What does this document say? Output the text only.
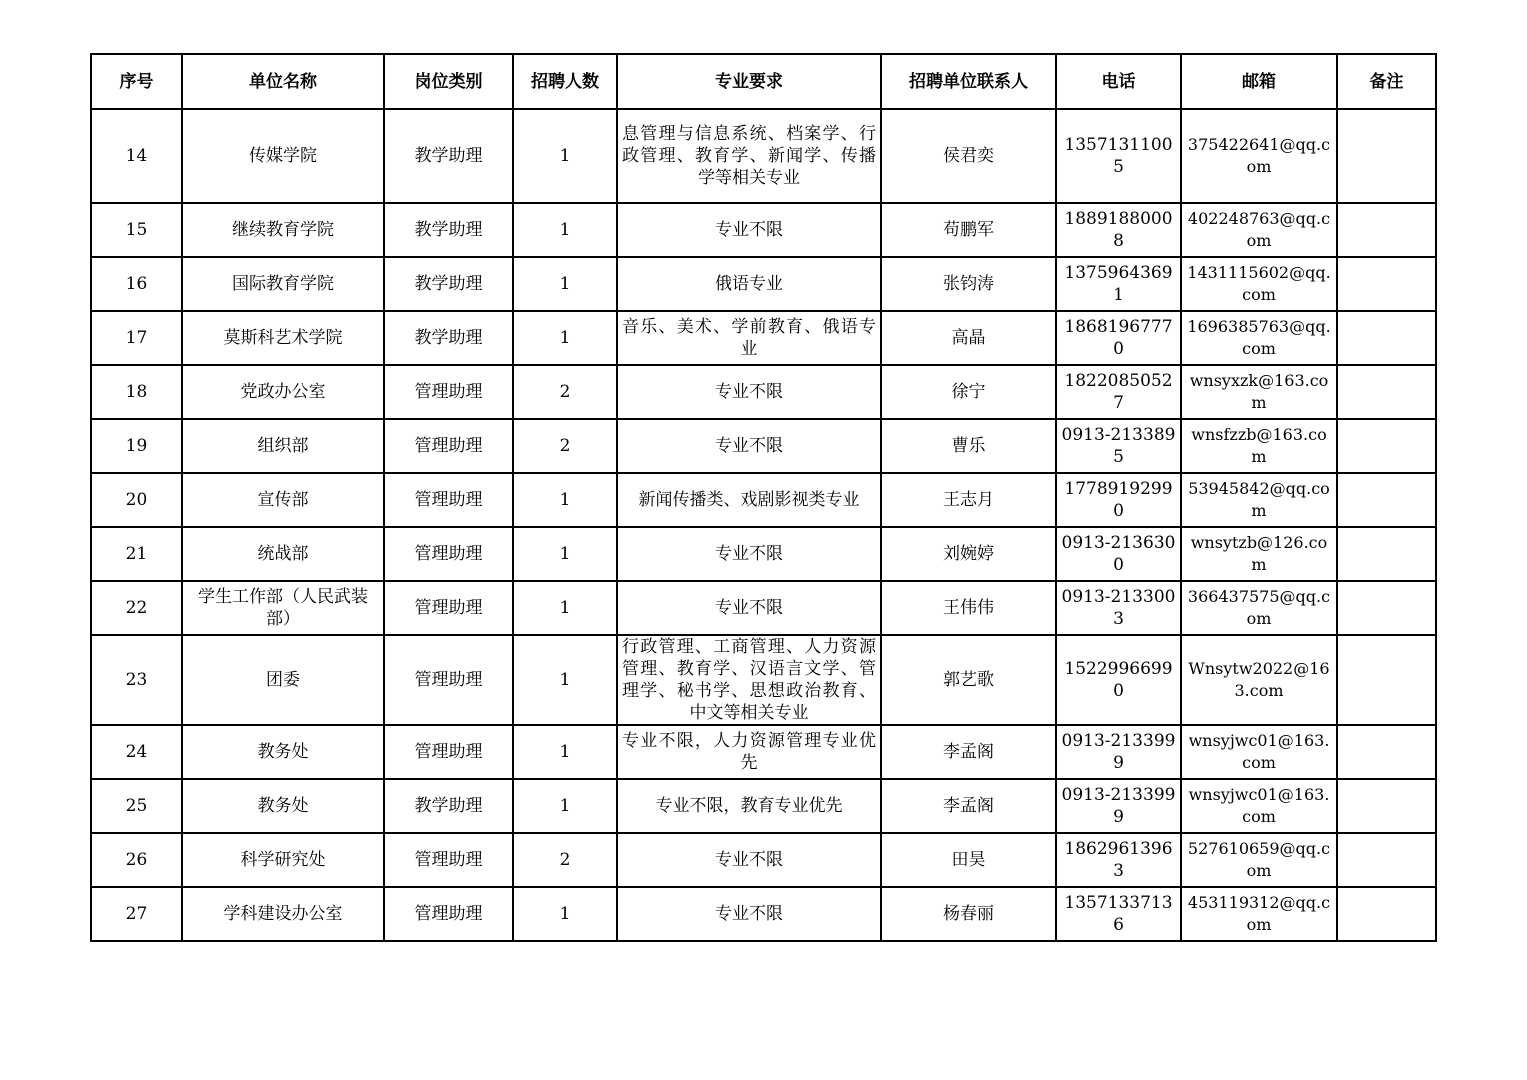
序号	单位名称	岗位类别	招聘人数	专业要求	招聘单位联系人	电话	邮箱	备注
14	传媒学院	教学助理	1	息管理与信息系统、档案学、行政管理、教育学、新闻学、传播学等相关专业	侯君奕	13571311005	375422641@qq.com	
15	继续教育学院	教学助理	1	专业不限	苟鹏军	18891880008	402248763@qq.com	
16	国际教育学院	教学助理	1	俄语专业	张钧涛	13759643691	1431115602@qq.com	
17	莫斯科艺术学院	教学助理	1	音乐、美术、学前教育、俄语专业	高晶	18681967770	1696385763@qq.com	
18	党政办公室	管理助理	2	专业不限	徐宁	18220850527	wnsyxzk@163.com	
19	组织部	管理助理	2	专业不限	曹乐	0913-2133895	wnsfzzb@163.com	
20	宣传部	管理助理	1	新闻传播类、戏剧影视类专业	王志月	17789192990	53945842@qq.com	
21	统战部	管理助理	1	专业不限	刘婉婷	0913-2136300	wnsytzb@126.com	
22	学生工作部（人民武装部）	管理助理	1	专业不限	王伟伟	0913-2133003	366437575@qq.com	
23	团委	管理助理	1	行政管理、工商管理、人力资源管理、教育学、汉语言文学、管理学、秘书学、思想政治教育、中文等相关专业	郭艺歌	15229966990	Wnsytw2022@163.com	
24	教务处	管理助理	1	专业不限，人力资源管理专业优先	李孟阁	0913-2133999	wnsyjwc01@163.com	
25	教务处	教学助理	1	专业不限，教育专业优先	李孟阁	0913-2133999	wnsyjwc01@163.com	
26	科学研究处	管理助理	2	专业不限	田昊	18629613963	527610659@qq.com	
27	学科建设办公室	管理助理	1	专业不限	杨春丽	13571337136	453119312@qq.com	
